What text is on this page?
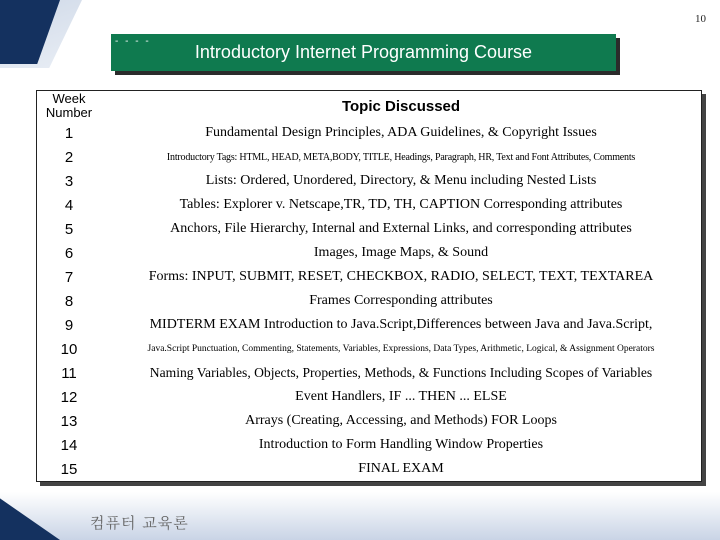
10
Introductory Internet Programming Course
- - - -
Week Number	Topic Discussed
1	Fundamental Design Principles, ADA Guidelines, & Copyright Issues
2	Introductory Tags: HTML, HEAD, META,BODY, TITLE, Headings, Paragraph, HR, Text and Font Attributes, Comments
3	Lists: Ordered, Unordered, Directory, & Menu including Nested Lists
4	Tables: Explorer v. Netscape,TR, TD, TH, CAPTION Corresponding attributes
5	Anchors, File Hierarchy, Internal and External Links, and corresponding attributes
6	Images, Image Maps, & Sound
7	Forms: INPUT, SUBMIT, RESET, CHECKBOX, RADIO, SELECT, TEXT, TEXTAREA
8	Frames Corresponding attributes
9	MIDTERM EXAM Introduction to Java.Script,Differences between Java and Java.Script,
10	Java.Script Punctuation, Commenting, Statements, Variables, Expressions, Data Types, Arithmetic, Logical, & Assignment Operators
11	Naming Variables, Objects, Properties, Methods, & Functions Including Scopes of Variables
12	Event Handlers, IF ... THEN ... ELSE
13	Arrays (Creating, Accessing, and Methods) FOR Loops
14	Introduction to Form Handling Window Properties
15	FINAL EXAM
컴퓨터 교육론
